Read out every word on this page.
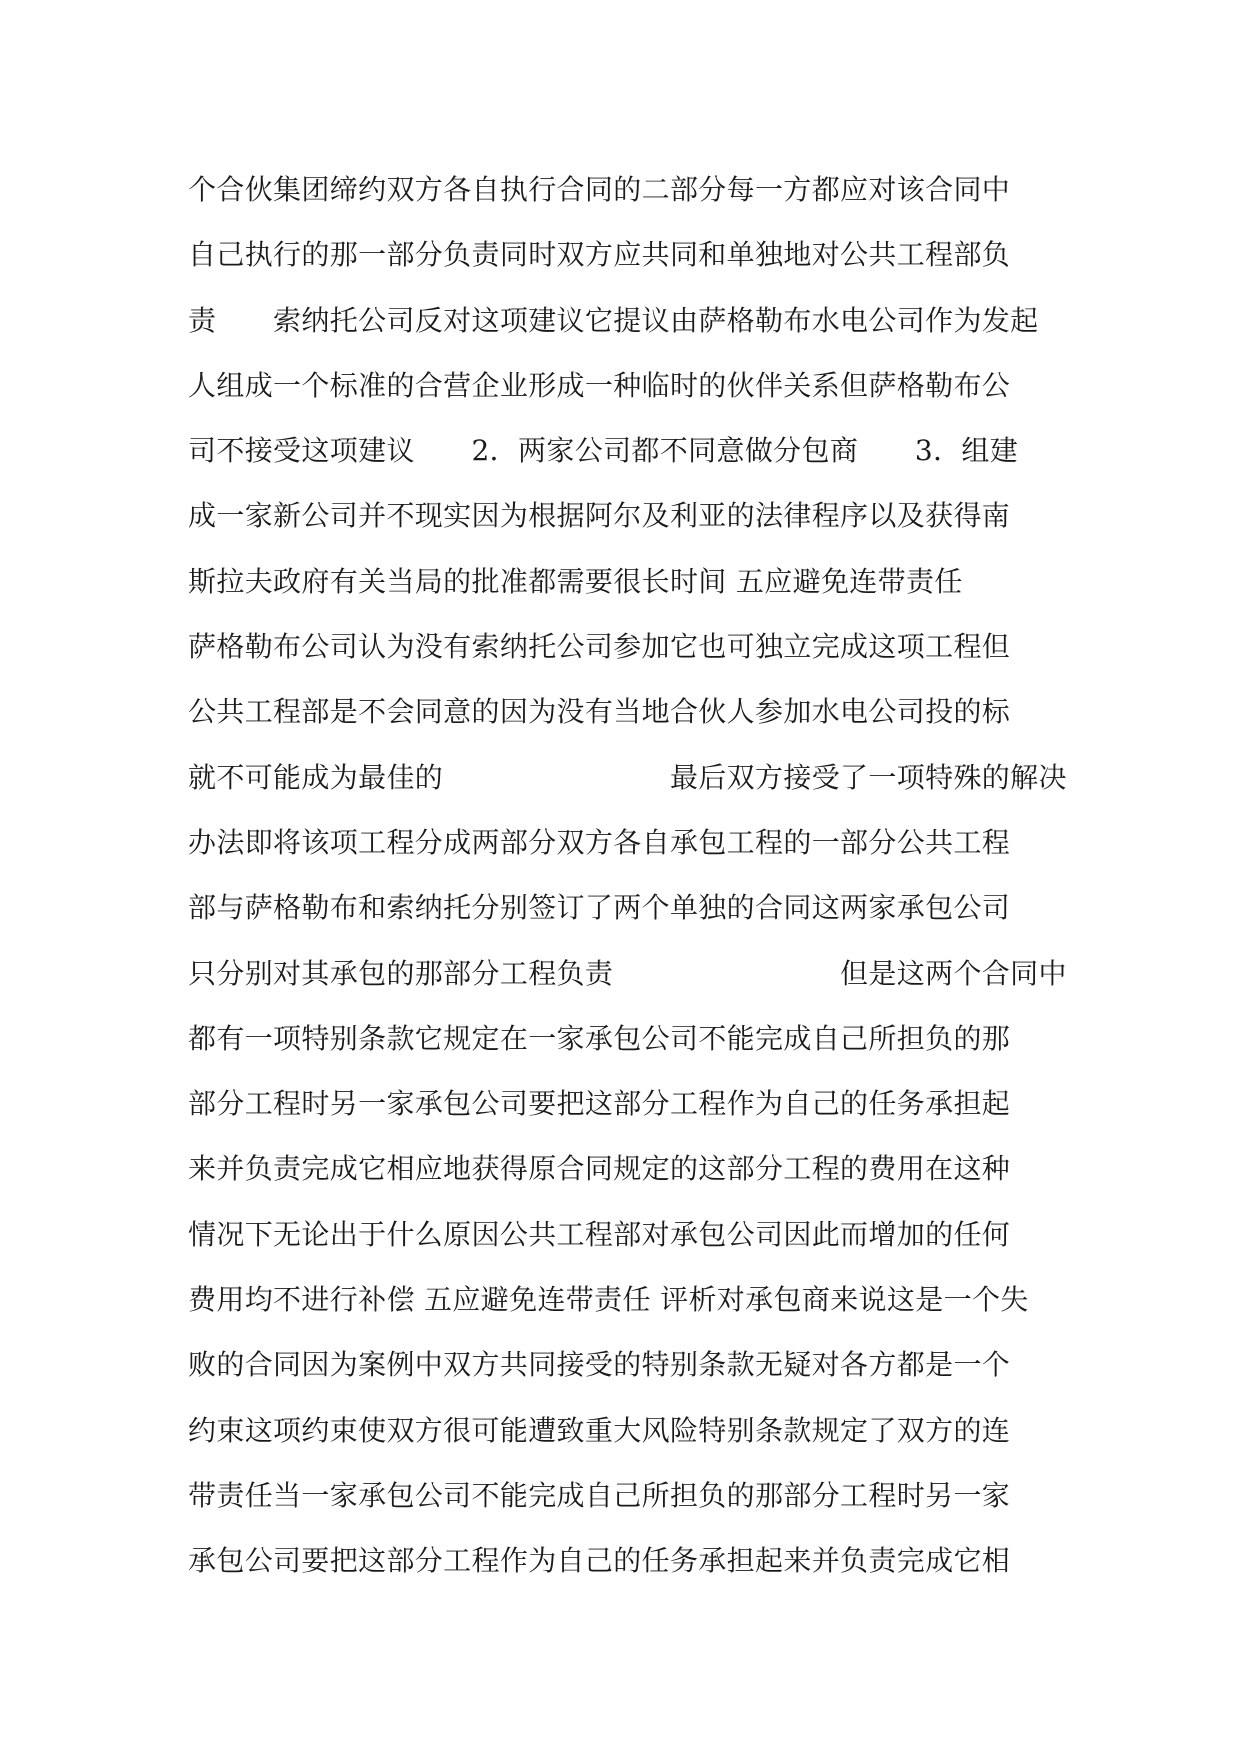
个合伙集团缔约双方各自执行合同的二部分每一方都应对该合同中
自己执行的那一部分负责同时双方应共同和单独地对公共工程部负
责　　索纳托公司反对这项建议它提议由萨格勒布水电公司作为发起
人组成一个标准的合营企业形成一种临时的伙伴关系但萨格勒布公
司不接受这项建议　　2．两家公司都不同意做分包商　　3．组建
成一家新公司并不现实因为根据阿尔及利亚的法律程序以及获得南
斯拉夫政府有关当局的批准都需要很长时间 五应避免连带责任
萨格勒布公司认为没有索纳托公司参加它也可独立完成这项工程但
公共工程部是不会同意的因为没有当地合伙人参加水电公司投的标
就不可能成为最佳的　　　　　　　　最后双方接受了一项特殊的解决
办法即将该项工程分成两部分双方各自承包工程的一部分公共工程
部与萨格勒布和索纳托分别签订了两个单独的合同这两家承包公司
只分别对其承包的那部分工程负责　　　　　　　　但是这两个合同中
都有一项特别条款它规定在一家承包公司不能完成自己所担负的那
部分工程时另一家承包公司要把这部分工程作为自己的任务承担起
来并负责完成它相应地获得原合同规定的这部分工程的费用在这种
情况下无论出于什么原因公共工程部对承包公司因此而增加的任何
费用均不进行补偿 五应避免连带责任 评析对承包商来说这是一个失
败的合同因为案例中双方共同接受的特别条款无疑对各方都是一个
约束这项约束使双方很可能遭致重大风险特别条款规定了双方的连
带责任当一家承包公司不能完成自己所担负的那部分工程时另一家
承包公司要把这部分工程作为自己的任务承担起来并负责完成它相
